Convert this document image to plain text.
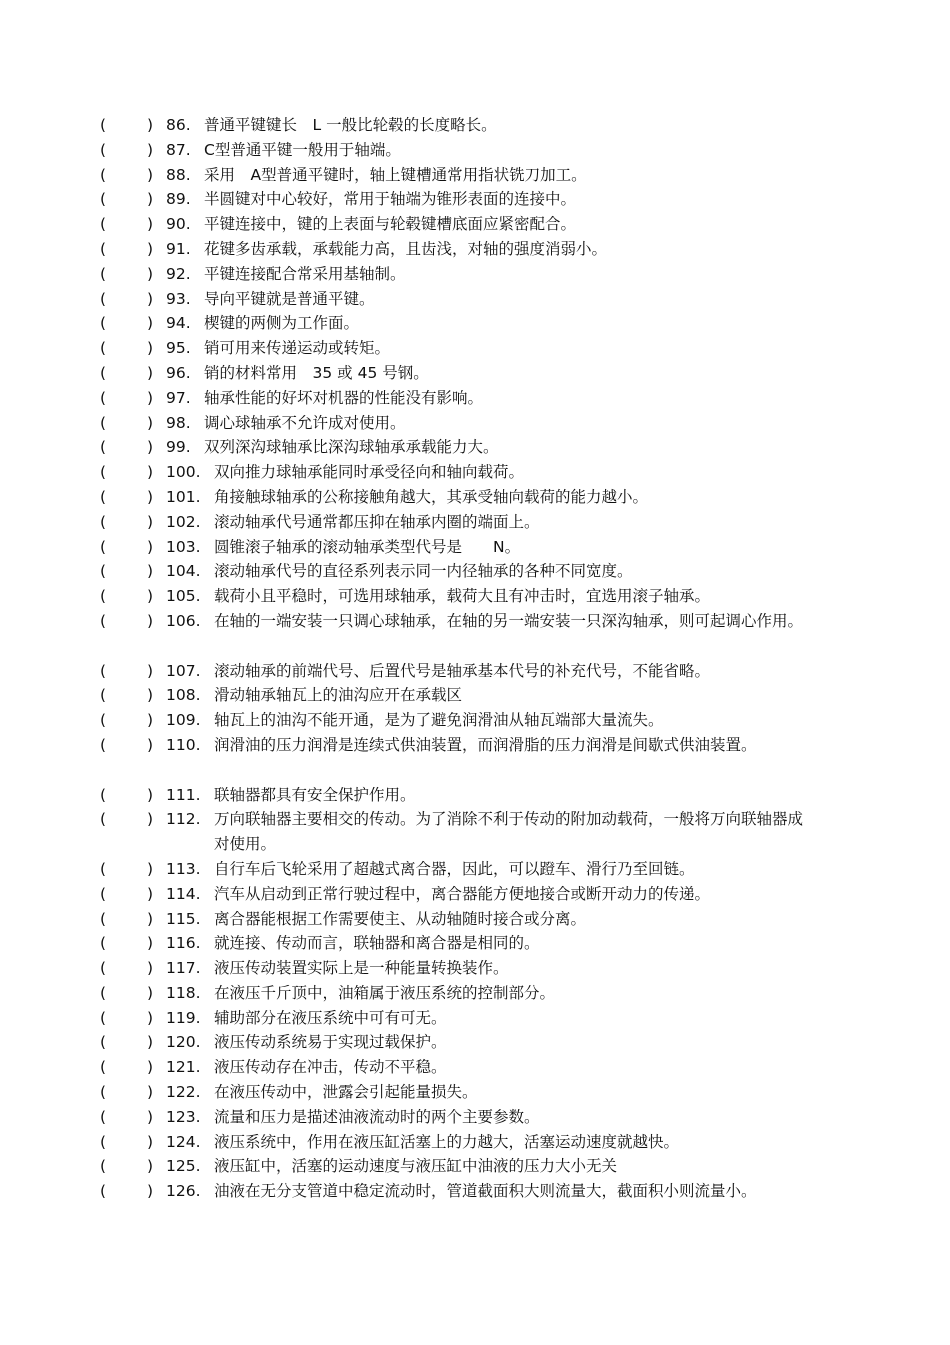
(	) 86. 普通平键键长　L 一般比轮毂的长度略长。
(	) 87. C型普通平键一般用于轴端。
(	) 88. 采用　A型普通平键时，轴上键槽通常用指状铣刀加工。
(	) 89. 半圆键对中心较好，常用于轴端为锥形表面的连接中。
(	) 90. 平键连接中，键的上表面与轮毂键槽底面应紧密配合。
(	) 91. 花键多齿承载，承载能力高，且齿浅，对轴的强度消弱小。
(	) 92. 平键连接配合常采用基轴制。
(	) 93. 导向平键就是普通平键。
(	) 94. 楔键的两侧为工作面。
(	) 95. 销可用来传递运动或转矩。
(	) 96. 销的材料常用　35 或 45 号钢。
(	) 97. 轴承性能的好坏对机器的性能没有影响。
(	) 98. 调心球轴承不允许成对使用。
(	) 99. 双列深沟球轴承比深沟球轴承承载能力大。
(	) 100. 双向推力球轴承能同时承受径向和轴向载荷。
(	) 101. 角接触球轴承的公称接触角越大，其承受轴向载荷的能力越小。
(	) 102. 滚动轴承代号通常都压抑在轴承内圈的端面上。
(	) 103. 圆锥滚子轴承的滚动轴承类型代号是　　N。
(	) 104. 滚动轴承代号的直径系列表示同一内径轴承的各种不同宽度。
(	) 105. 载荷小且平稳时，可选用球轴承，载荷大且有冲击时，宜选用滚子轴承。
(	) 106. 在轴的一端安装一只调心球轴承，在轴的另一端安装一只深沟轴承，则可起调心作用。
(	) 107. 滚动轴承的前端代号、后置代号是轴承基本代号的补充代号，不能省略。
(	) 108. 滑动轴承轴瓦上的油沟应开在承载区
(	) 109. 轴瓦上的油沟不能开通，是为了避免润滑油从轴瓦端部大量流失。
(	) 110. 润滑油的压力润滑是连续式供油装置，而润滑脂的压力润滑是间歇式供油装置。
(	) 111. 联轴器都具有安全保护作用。
(	) 112. 万向联轴器主要相交的传动。为了消除不利于传动的附加动载荷，一般将万向联轴器成对使用。
(	) 113. 自行车后飞轮采用了超越式离合器，因此，可以蹬车、滑行乃至回链。
(	) 114. 汽车从启动到正常行驶过程中，离合器能方便地接合或断开动力的传递。
(	) 115. 离合器能根据工作需要使主、从动轴随时接合或分离。
(	) 116. 就连接、传动而言，联轴器和离合器是相同的。
(	) 117. 液压传动装置实际上是一种能量转换装作。
(	) 118. 在液压千斤顶中，油箱属于液压系统的控制部分。
(	) 119. 辅助部分在液压系统中可有可无。
(	) 120. 液压传动系统易于实现过载保护。
(	) 121. 液压传动存在冲击，传动不平稳。
(	) 122. 在液压传动中，泄露会引起能量损失。
(	) 123. 流量和压力是描述油液流动时的两个主要参数。
(	) 124. 液压系统中，作用在液压缸活塞上的力越大，活塞运动速度就越快。
(	) 125. 液压缸中，活塞的运动速度与液压缸中油液的压力大小无关
(	) 126. 油液在无分支管道中稳定流动时，管道截面积大则流量大，截面积小则流量小。
